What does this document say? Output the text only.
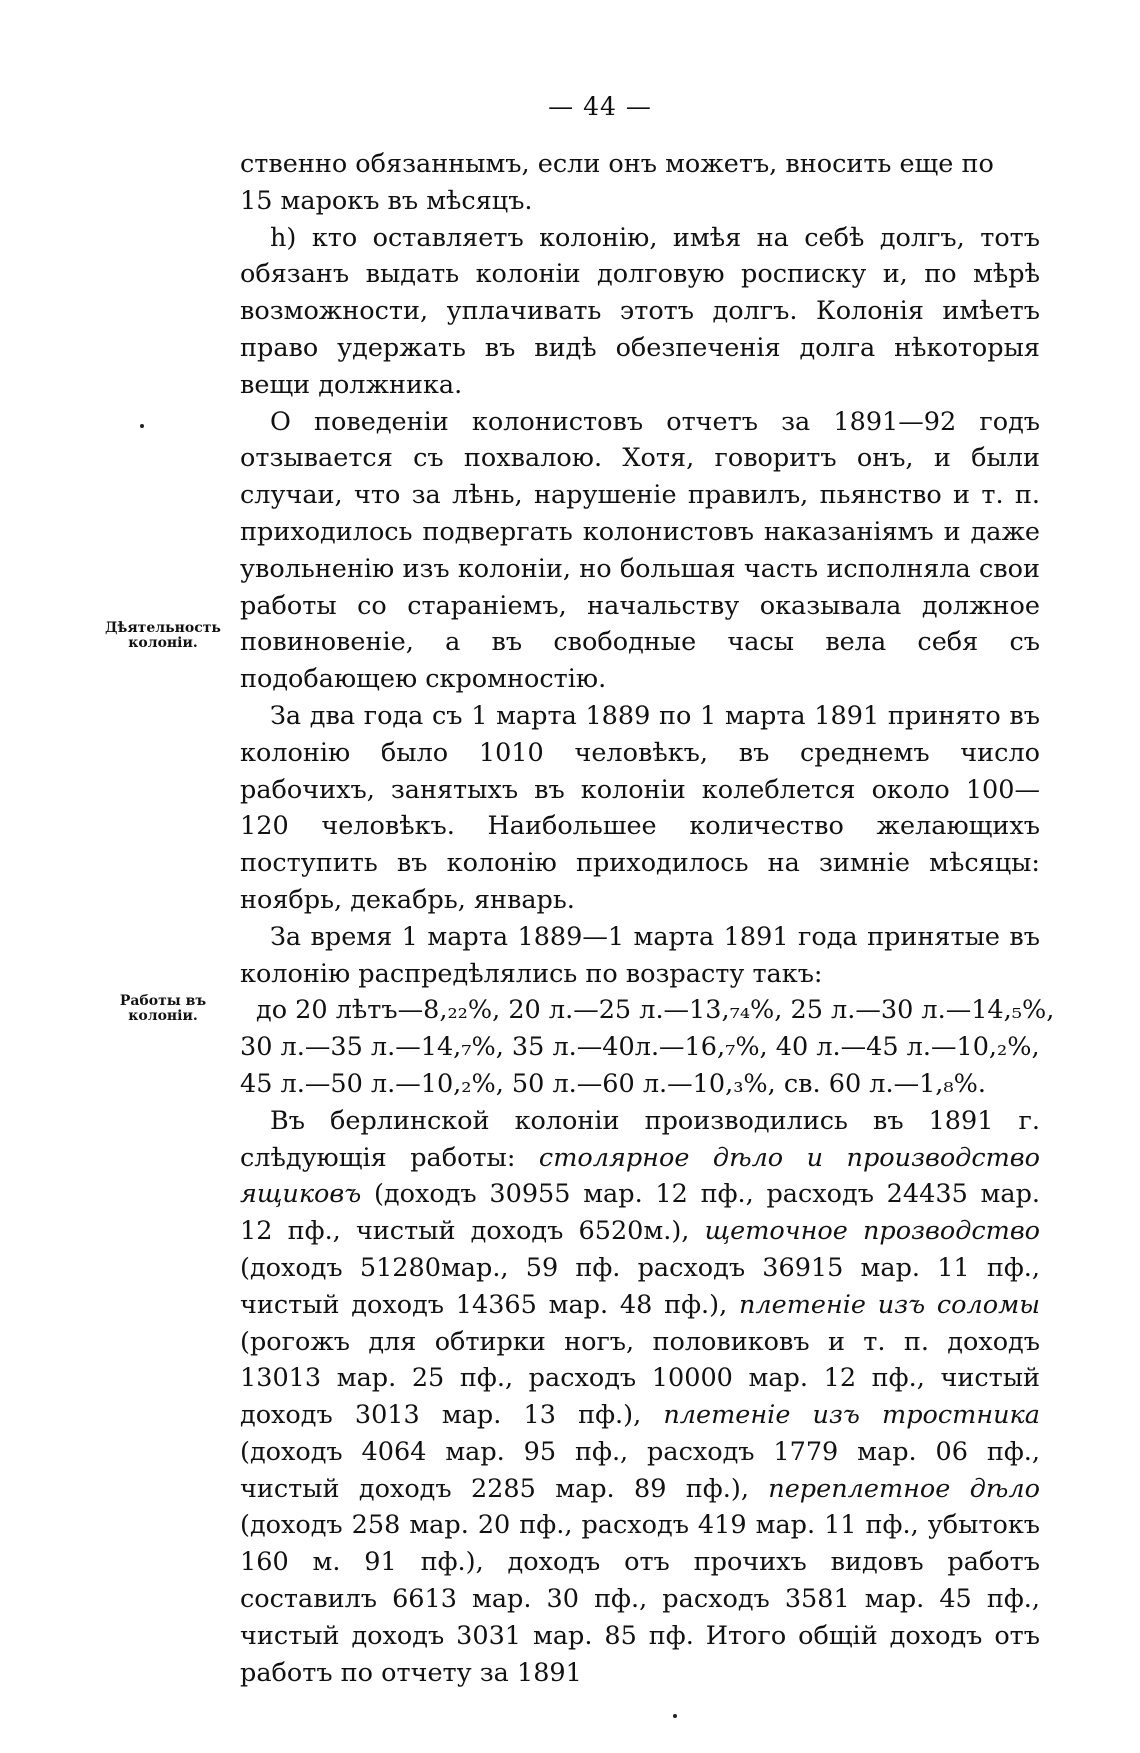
— 44 —
Дѣятельность колоніи.
Работы въ колоніи.

ственно обязаннымъ, если онъ можетъ, вносить еще по
15 марокъ въ мѣсяцъ.

h) кто оставляетъ колонію, имѣя на себѣ долгъ, тотъ обязанъ выдать колоніи долговую росписку и, по мѣрѣ возможности, уплачивать этотъ долгъ. Колонія имѣетъ право удержать въ видѣ обезпеченія долга нѣкоторыя вещи должника.

О поведеніи колонистовъ отчетъ за 1891—92 годъ отзывается съ похвалою. Хотя, говоритъ онъ, и были случаи, что за лѣнь, нарушеніе правилъ, пьянство и т. п. приходилось подвергать колонистовъ наказаніямъ и даже увольненію изъ колоніи, но большая часть исполняла свои работы со стараніемъ, начальству оказывала должное повиновеніе, а въ свободные часы вела себя съ подобающею скромностію.

За два года съ 1 марта 1889 по 1 марта 1891 принято въ колонію было 1010 человѣкъ, въ среднемъ число рабочихъ, занятыхъ въ колоніи колеблется около 100—120 человѣкъ. Наибольшее количество желающихъ поступить въ колонію приходилось на зимніе мѣсяцы: ноябрь, декабрь, январь.

За время 1 марта 1889—1 марта 1891 года принятые въ колонію распредѣлялись по возрасту такъ:

до 20 лѣтъ—8,₂₂%, 20 л.—25 л.—13,₇₄%, 25 л.—30 л.—14,₅%,

30 л.—35 л.—14,₇%, 35 л.—40л.—16,₇%, 40 л.—45 л.—10,₂%,

45 л.—50 л.—10,₂%, 50 л.—60 л.—10,₃%, св. 60 л.—1,₈%.

Въ берлинской колоніи производились въ 1891 г. слѣдующія работы: столярное дѣло и производство ящиковъ (доходъ 30955 мар. 12 пф., расходъ 24435 мар. 12 пф., чистый доходъ 6520м.), щеточное прозводство (доходъ 51280мар., 59 пф. расходъ 36915 мар. 11 пф., чистый доходъ 14365 мар. 48 пф.), плетеніе изъ соломы (рогожъ для обтирки ногъ, половиковъ и т. п. доходъ 13013 мар. 25 пф., расходъ 10000 мар. 12 пф., чистый доходъ 3013 мар. 13 пф.), плетеніе изъ тростника (доходъ 4064 мар. 95 пф., расходъ 1779 мар. 06 пф., чистый доходъ 2285 мар. 89 пф.), переплетное дѣло (доходъ 258 мар. 20 пф., расходъ 419 мар. 11 пф., убытокъ 160 м. 91 пф.), доходъ отъ прочихъ видовъ работъ составилъ 6613 мар. 30 пф., расходъ 3581 мар. 45 пф., чистый доходъ 3031 мар. 85 пф. Итого общій доходъ отъ работъ по отчету за 1891
